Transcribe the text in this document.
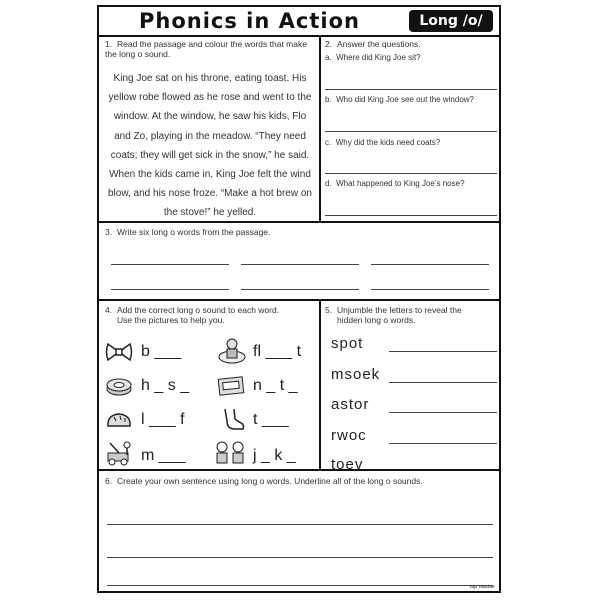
Phonics in Action	Long /o/
1. Read the passage and colour the words that make the long o sound.
King Joe sat on his throne, eating toast. His yellow robe flowed as he rose and went to the window. At the window, he saw his kids, Flo and Zo, playing in the meadow. “They need coats; they will get sick in the snow,” he said. When the kids came in, King Joe felt the wind blow, and his nose froze. “Make a hot brew on the stove!” he yelled.
2. Answer the questions.
a. Where did King Joe sit?
b. Who did King Joe see out the window?
c. Why did the kids need coats?
d. What happened to King Joe’s nose?
3. Write six long o words from the passage.
4. Add the correct long o sound to each word.
Use the pictures to help you.
b ___	fl ___ t
h _ s _	n _ t _
l ___ f	t ___
m ___	j _ k _
5. Unjumble the letters to reveal the
hidden long o words.
spot
msoek
astor
rwoc
toev
6. Create your own sentence using long o words. Underline all of the long o sounds.
Top Teacher
